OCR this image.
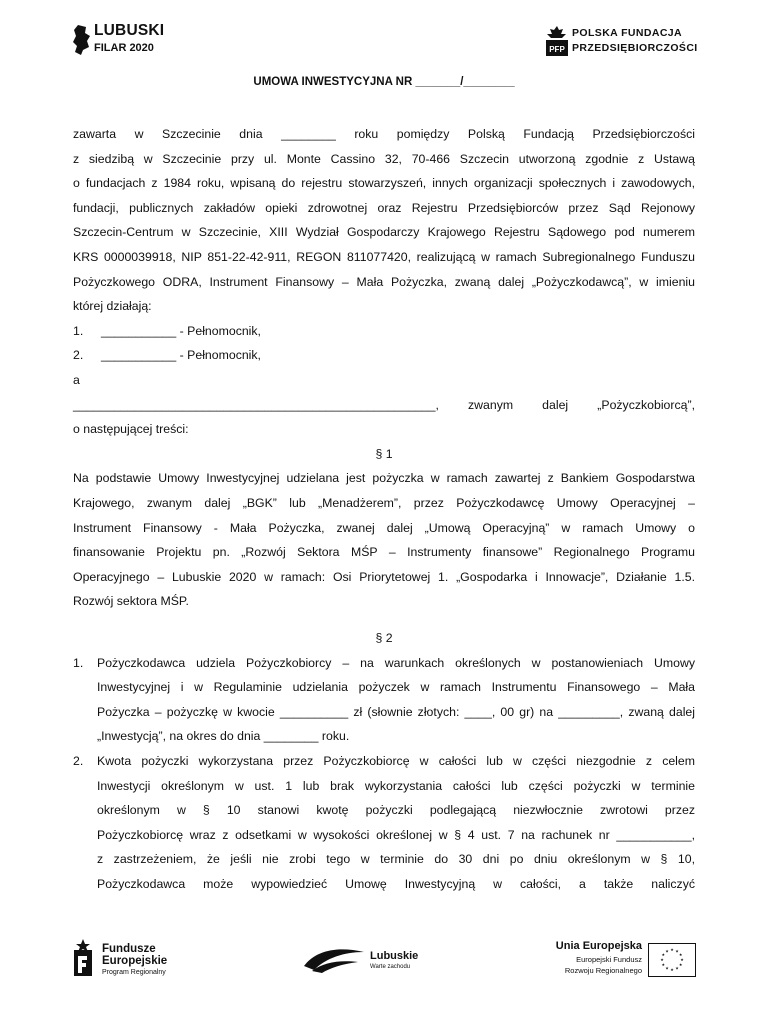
LUBUSKI
FILAR 2020	PFP
POLSKA FUNDACJA
PRZEDSIĘBIORCZOŚCI
UMOWA INWESTYCYJNA NR _______/________
zawarta w Szczecinie dnia ________ roku pomiędzy Polską Fundacją Przedsiębiorczości
z siedzibą w Szczecinie przy ul. Monte Cassino 32, 70-466 Szczecin utworzoną zgodnie z Ustawą
o fundacjach z 1984 roku, wpisaną do rejestru stowarzyszeń, innych organizacji społecznych i zawodowych,
fundacji, publicznych zakładów opieki zdrowotnej oraz Rejestru Przedsiębiorców przez Sąd Rejonowy
Szczecin-Centrum w Szczecinie, XIII Wydział Gospodarczy Krajowego Rejestru Sądowego pod numerem
KRS 0000039918, NIP 851-22-42-911, REGON 811077420, realizującą w ramach Subregionalnego Funduszu
Pożyczkowego ODRA, Instrument Finansowy – Mała Pożyczka, zwaną dalej „Pożyczkodawcą”, w imieniu
której działają:
1. ___________ - Pełnomocnik,
2. ___________ - Pełnomocnik,
a
_____________________________________________________, zwanym dalej „Pożyczkobiorcą”,
o następującej treści:
§ 1
Na podstawie Umowy Inwestycyjnej udzielana jest pożyczka w ramach zawartej z Bankiem Gospodarstwa
Krajowego, zwanym dalej „BGK” lub „Menadżerem”, przez Pożyczkodawcę Umowy Operacyjnej –
Instrument Finansowy - Mała Pożyczka, zwanej dalej „Umową Operacyjną” w ramach Umowy o
finansowanie Projektu pn. „Rozwój Sektora MŚP – Instrumenty finansowe” Regionalnego Programu
Operacyjnego – Lubuskie 2020 w ramach: Osi Priorytetowej 1. „Gospodarka i Innowacje”, Działanie 1.5.
Rozwój sektora MŚP.
§ 2
1. Pożyczkodawca udziela Pożyczkobiorcy – na warunkach określonych w postanowieniach Umowy
Inwestycyjnej i w Regulaminie udzielania pożyczek w ramach Instrumentu Finansowego – Mała
Pożyczka – pożyczkę w kwocie __________ zł (słownie złotych: ____, 00 gr) na _________, zwaną dalej
„Inwestycją”, na okres do dnia ________ roku.
2. Kwota pożyczki wykorzystana przez Pożyczkobiorcę w całości lub w części niezgodnie z celem
Inwestycji określonym w ust. 1 lub brak wykorzystania całości lub części pożyczki w terminie
określonym w § 10 stanowi kwotę pożyczki podlegającą niezwłocznie zwrotowi przez
Pożyczkobiorcę wraz z odsetkami w wysokości określonej w § 4 ust. 7 na rachunek nr ___________,
z zastrzeżeniem, że jeśli nie zrobi tego w terminie do 30 dni po dniu określonym w § 10,
Pożyczkodawca może wypowiedzieć Umowę Inwestycyjną w całości, a także naliczyć
Fundusze
Europejskie
Program Regionalny
Lubuskie
Warte zachodu
Unia Europejska
Europejski Fundusz
Rozwoju Regionalnego
★ ★
★
★
★
★
★
★
★
★
★
★
